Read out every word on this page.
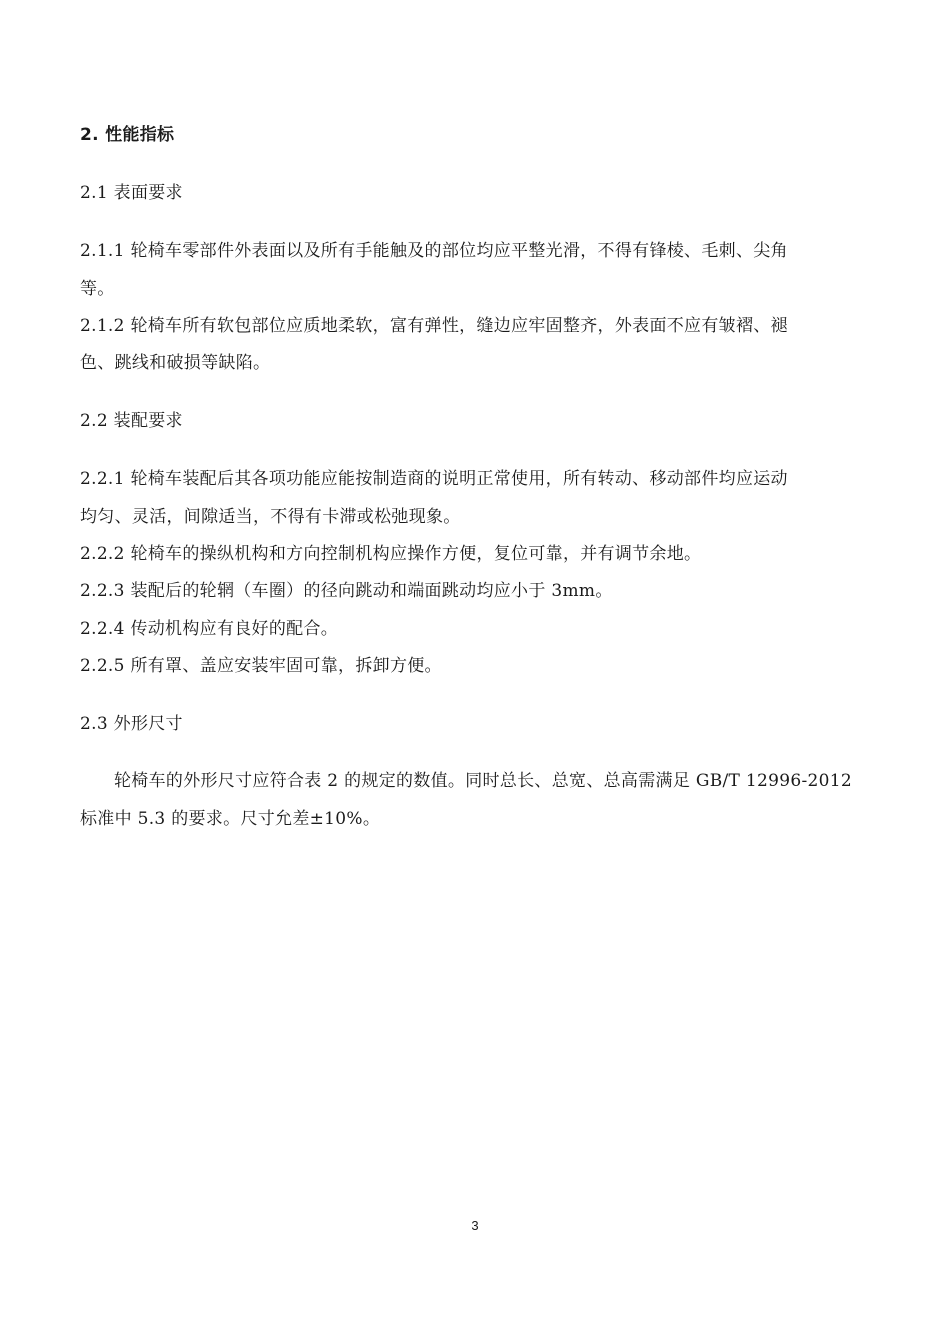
2. 性能指标
2.1 表面要求
2.1.1 轮椅车零部件外表面以及所有手能触及的部位均应平整光滑，不得有锋棱、毛刺、尖角
等。
2.1.2 轮椅车所有软包部位应质地柔软，富有弹性，缝边应牢固整齐，外表面不应有皱褶、褪
色、跳线和破损等缺陷。
2.2 装配要求
2.2.1 轮椅车装配后其各项功能应能按制造商的说明正常使用，所有转动、移动部件均应运动
均匀、灵活，间隙适当，不得有卡滞或松弛现象。
2.2.2 轮椅车的操纵机构和方向控制机构应操作方便，复位可靠，并有调节余地。
2.2.3 装配后的轮辋（车圈）的径向跳动和端面跳动均应小于 3mm。
2.2.4 传动机构应有良好的配合。
2.2.5 所有罩、盖应安装牢固可靠，拆卸方便。
2.3 外形尺寸
轮椅车的外形尺寸应符合表 2 的规定的数值。同时总长、总宽、总高需满足 GB/T 12996-2012
标准中 5.3 的要求。尺寸允差±10%。
3
